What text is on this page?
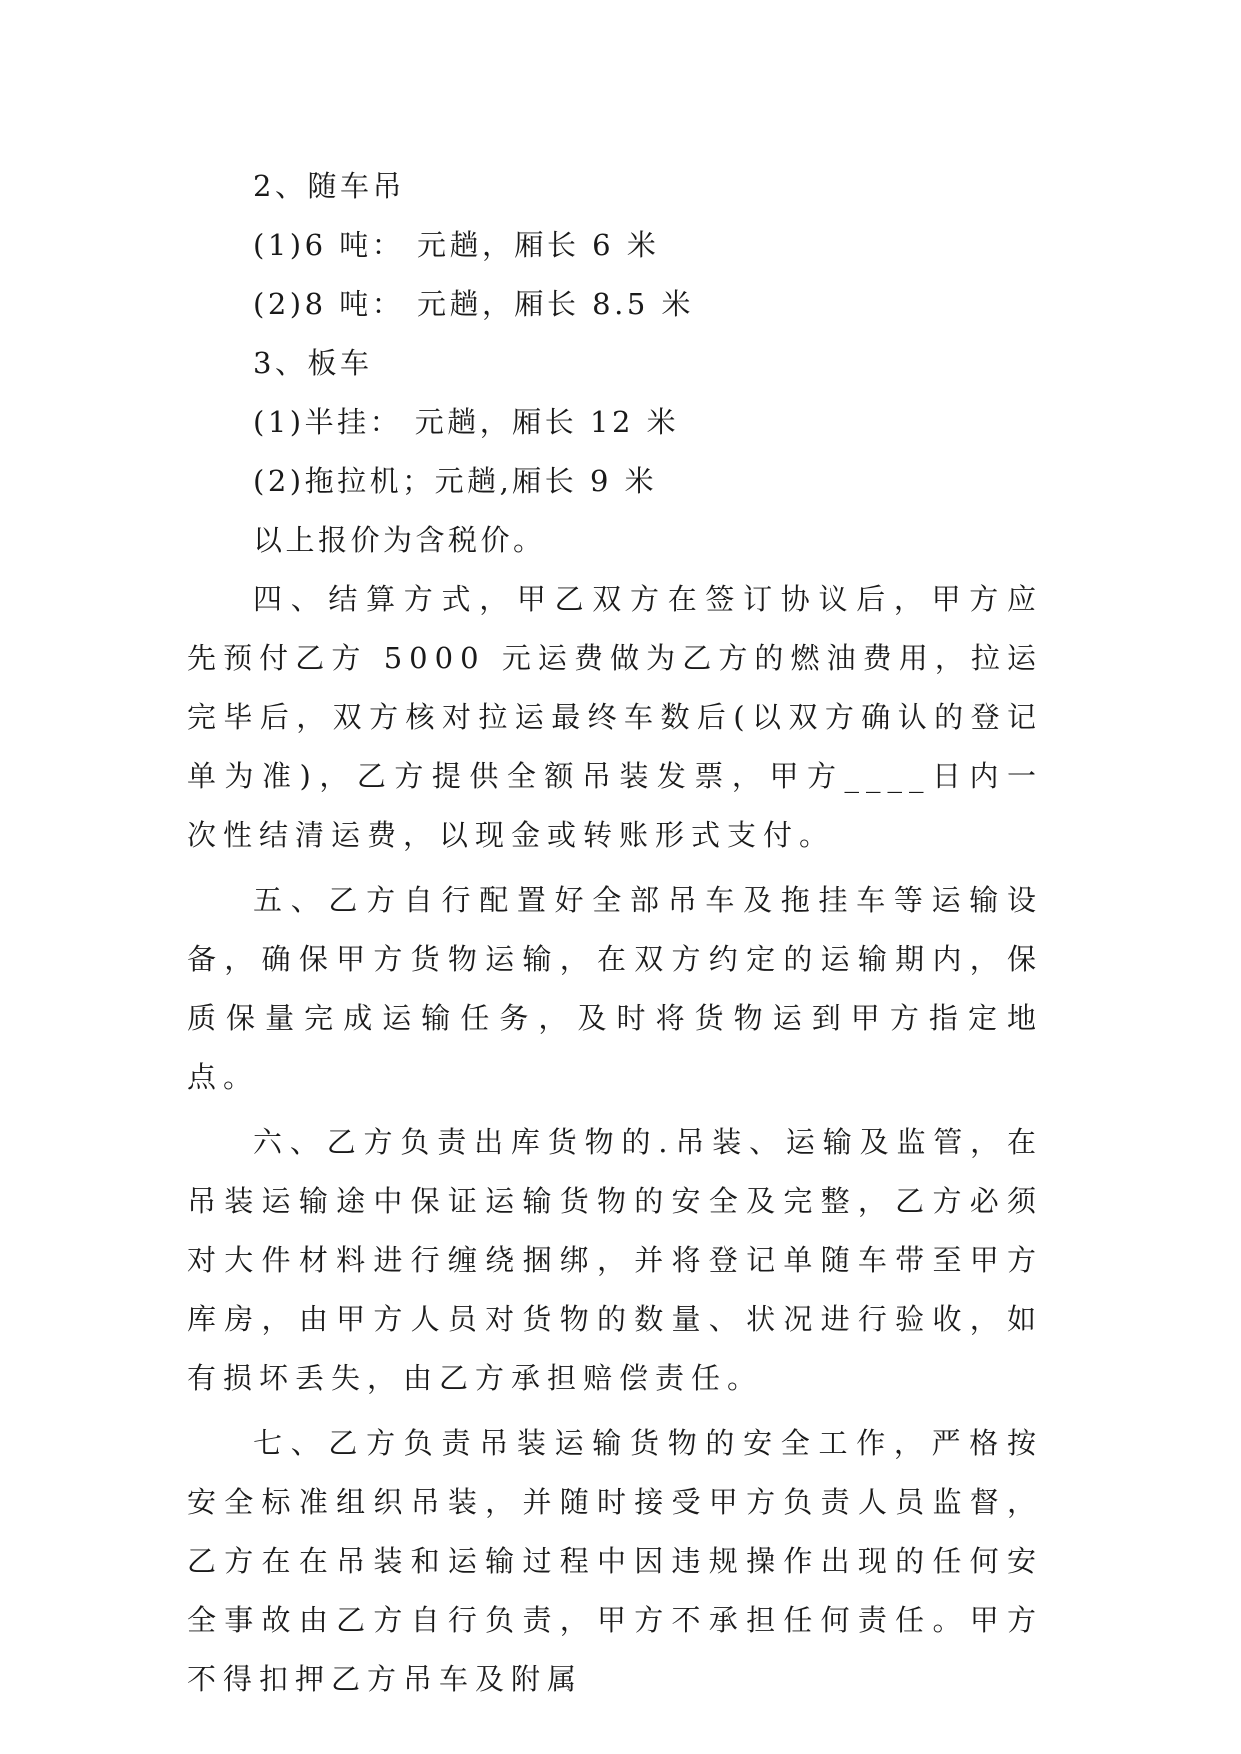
2、随车吊

(1)6 吨： 元趟，厢长 6 米

(2)8 吨： 元趟，厢长 8.5 米

3、板车

(1)半挂： 元趟，厢长 12 米

(2)拖拉机；元趟,厢长 9 米

以上报价为含税价。

四、结算方式，甲乙双方在签订协议后，甲方应先预付乙方 5000 元运费做为乙方的燃油费用，拉运完毕后，双方核对拉运最终车数后(以双方确认的登记单为准)，乙方提供全额吊装发票，甲方____日内一次性结清运费，以现金或转账形式支付。

五、乙方自行配置好全部吊车及拖挂车等运输设备，确保甲方货物运输，在双方约定的运输期内，保质保量完成运输任务，及时将货物运到甲方指定地点。

六、乙方负责出库货物的.吊装、运输及监管，在吊装运输途中保证运输货物的安全及完整，乙方必须对大件材料进行缠绕捆绑，并将登记单随车带至甲方库房，由甲方人员对货物的数量、状况进行验收，如有损坏丢失，由乙方承担赔偿责任。

七、乙方负责吊装运输货物的安全工作，严格按安全标准组织吊装，并随时接受甲方负责人员监督，乙方在在吊装和运输过程中因违规操作出现的任何安全事故由乙方自行负责，甲方不承担任何责任。甲方不得扣押乙方吊车及附属
